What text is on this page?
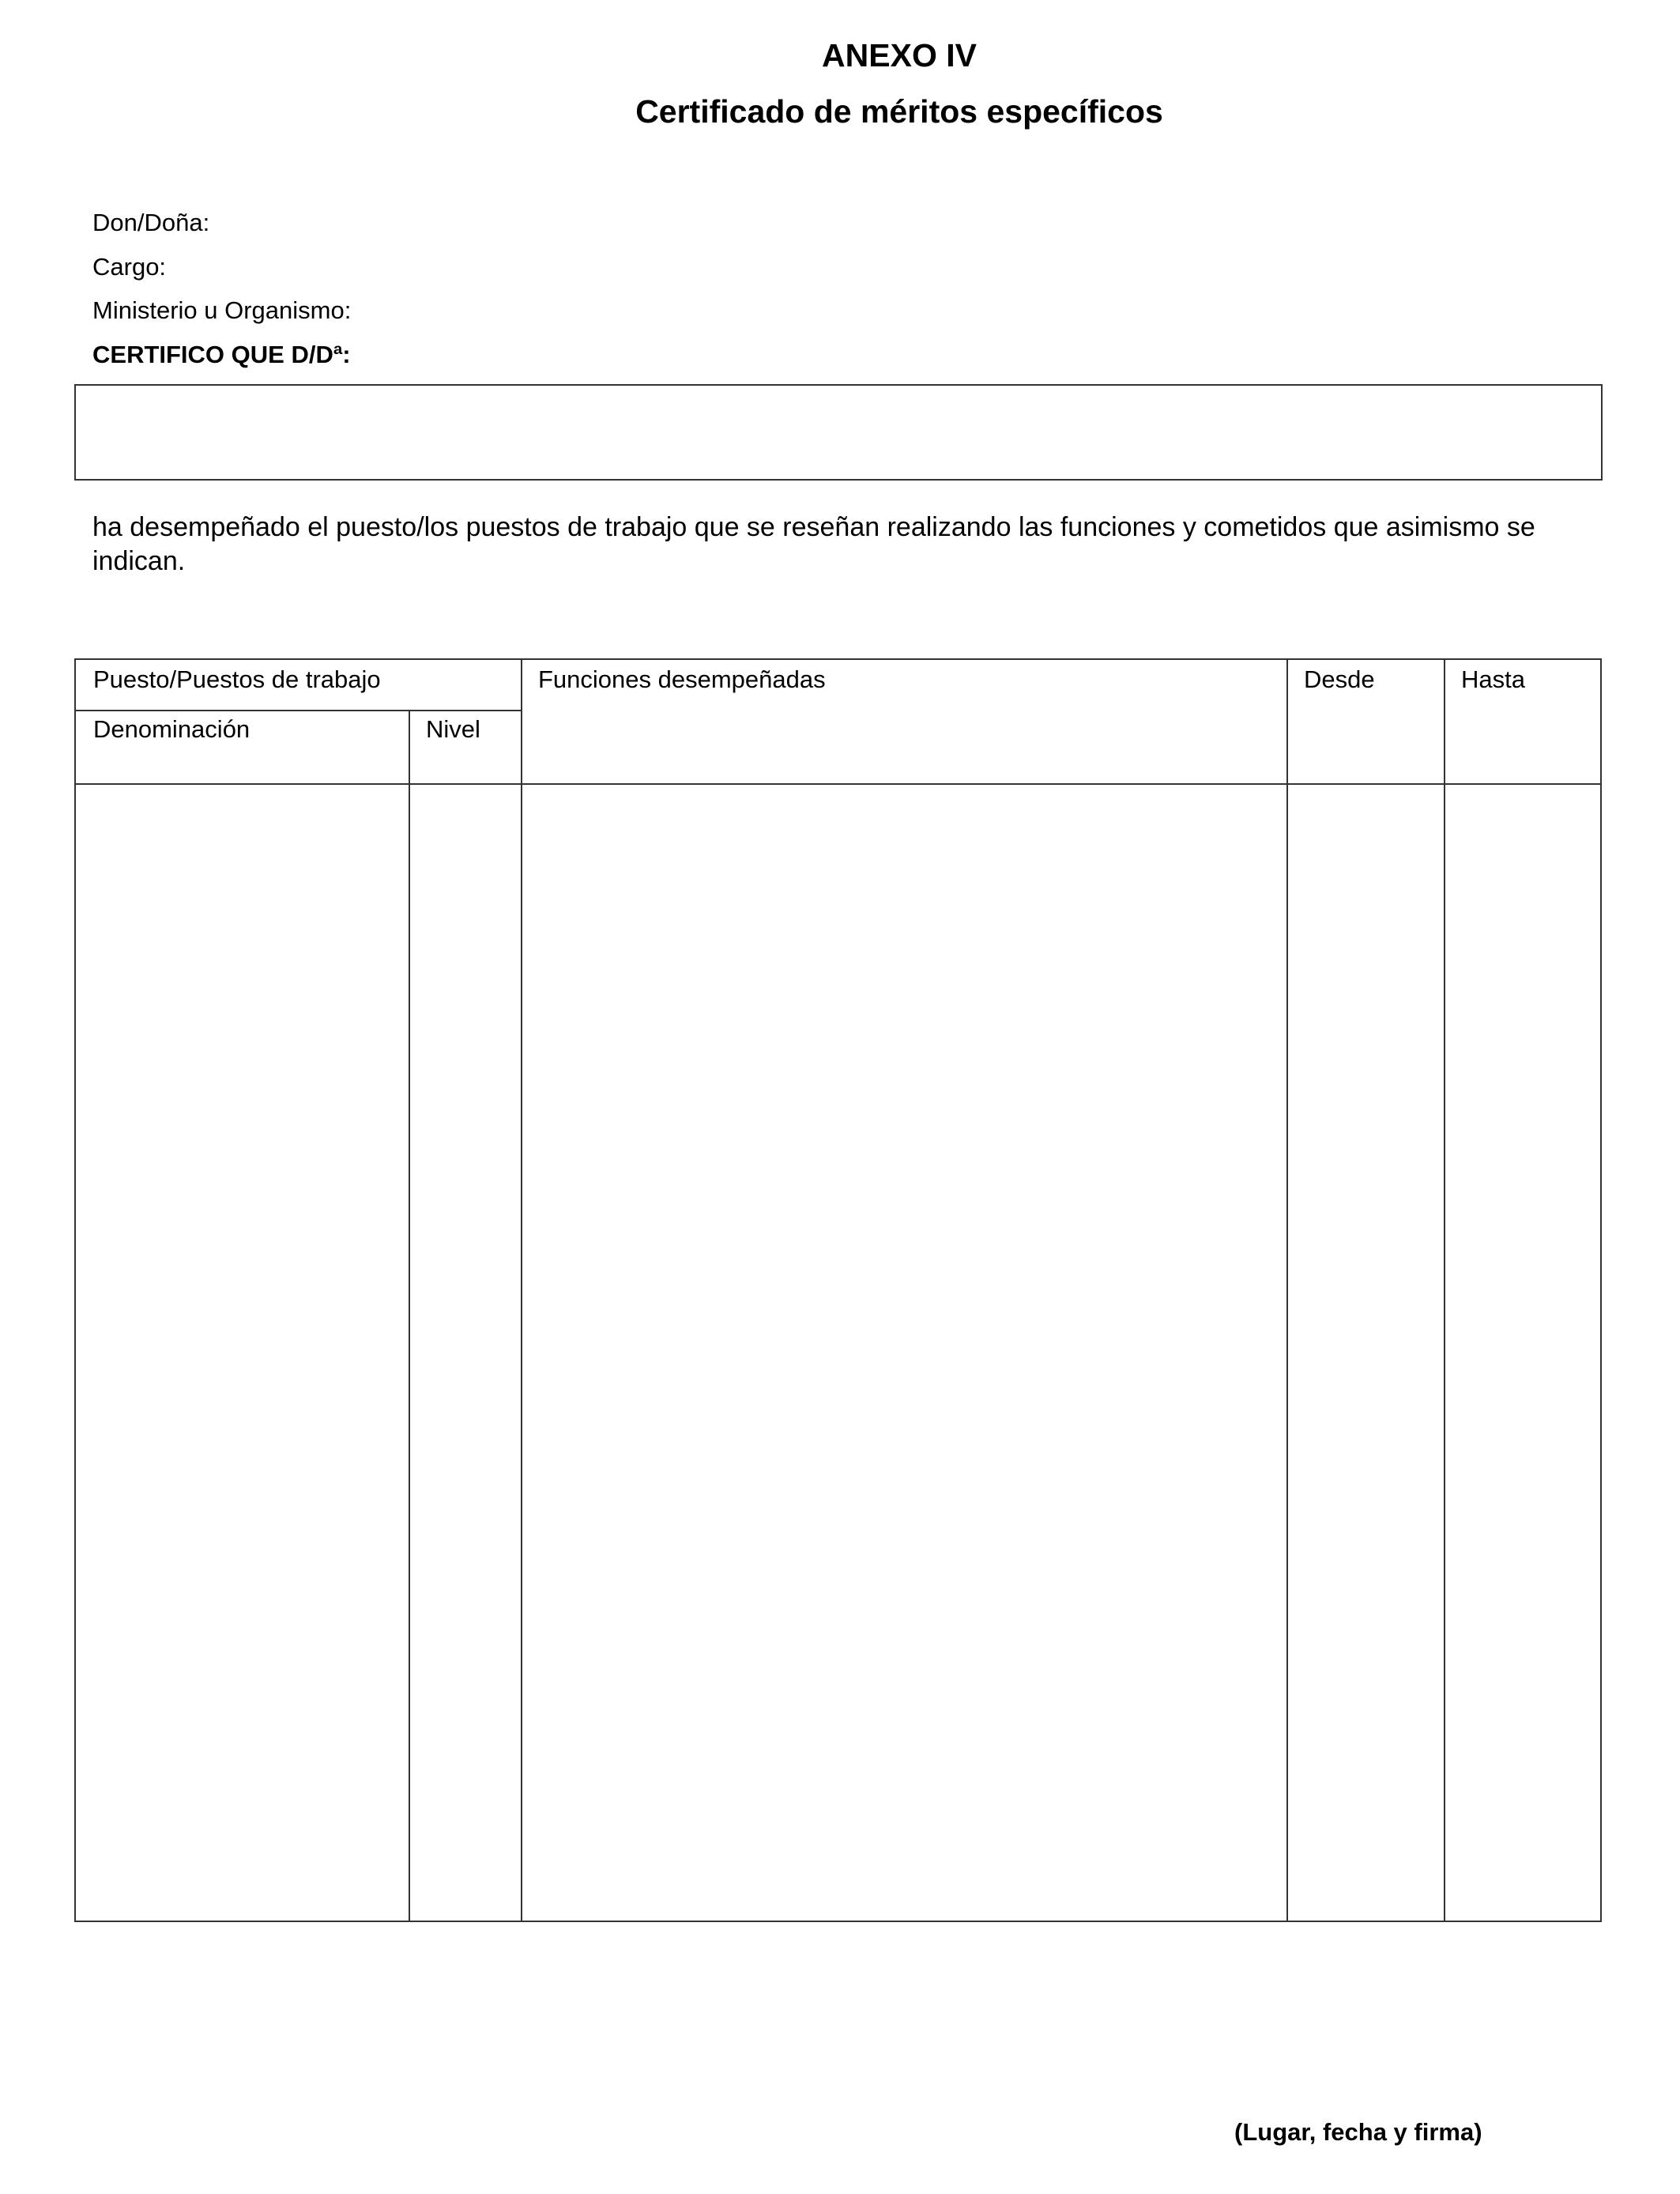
ANEXO IV
Certificado de méritos específicos
Don/Doña:
Cargo:
Ministerio u Organismo:
CERTIFICO QUE D/Dª:
ha desempeñado el puesto/los puestos de trabajo que se reseñan realizando las funciones y cometidos que asimismo se indican.
Puesto/Puestos de trabajo
Denominación	Nivel
Funciones desempeñadas	Desde	Hasta
(Lugar, fecha y firma)
